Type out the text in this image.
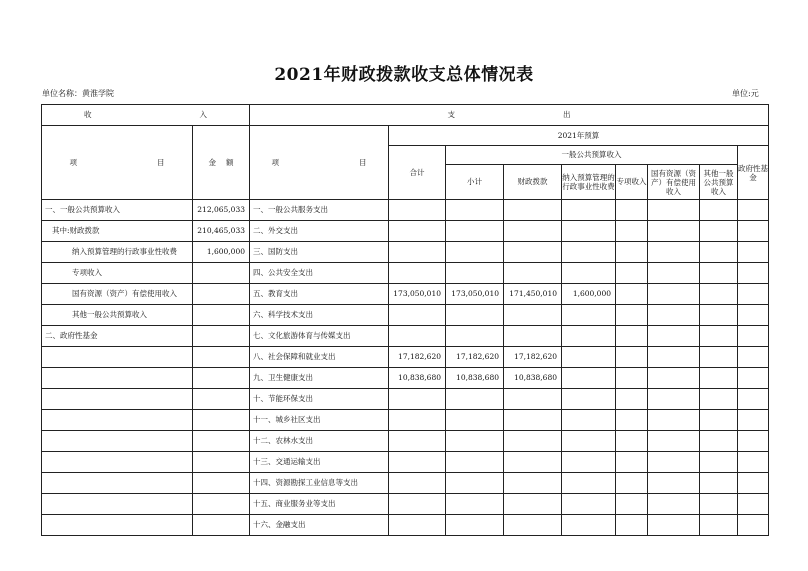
2021年财政拨款收支总体情况表
单位名称：黄淮学院	单位:元
收 入		支 出								
项 目	金 额	项 目	2021年预算							
			合计	一般公共预算收入						政府性基金
				小计	财政拨款	纳入预算管理的行政事业性收费	专项收入	国有资源（资产）有偿使用收入	其他一般公共预算收入	
一、一般公共预算收入	212,065,033	一、一般公共服务支出								
其中:财政拨款	210,465,033	二、外交支出								
纳入预算管理的行政事业性收费	1,600,000	三、国防支出								
专项收入		四、公共安全支出								
国有资源（资产）有偿使用收入		五、教育支出	173,050,010	173,050,010	171,450,010	1,600,000				
其他一般公共预算收入		六、科学技术支出								
二、政府性基金		七、文化旅游体育与传媒支出								
		八、社会保障和就业支出	17,182,620	17,182,620	17,182,620					
		九、卫生健康支出	10,838,680	10,838,680	10,838,680					
		十、节能环保支出								
		十一、城乡社区支出								
		十二、农林水支出								
		十三、交通运输支出								
		十四、资源勘探工业信息等支出								
		十五、商业服务业等支出								
		十六、金融支出								
